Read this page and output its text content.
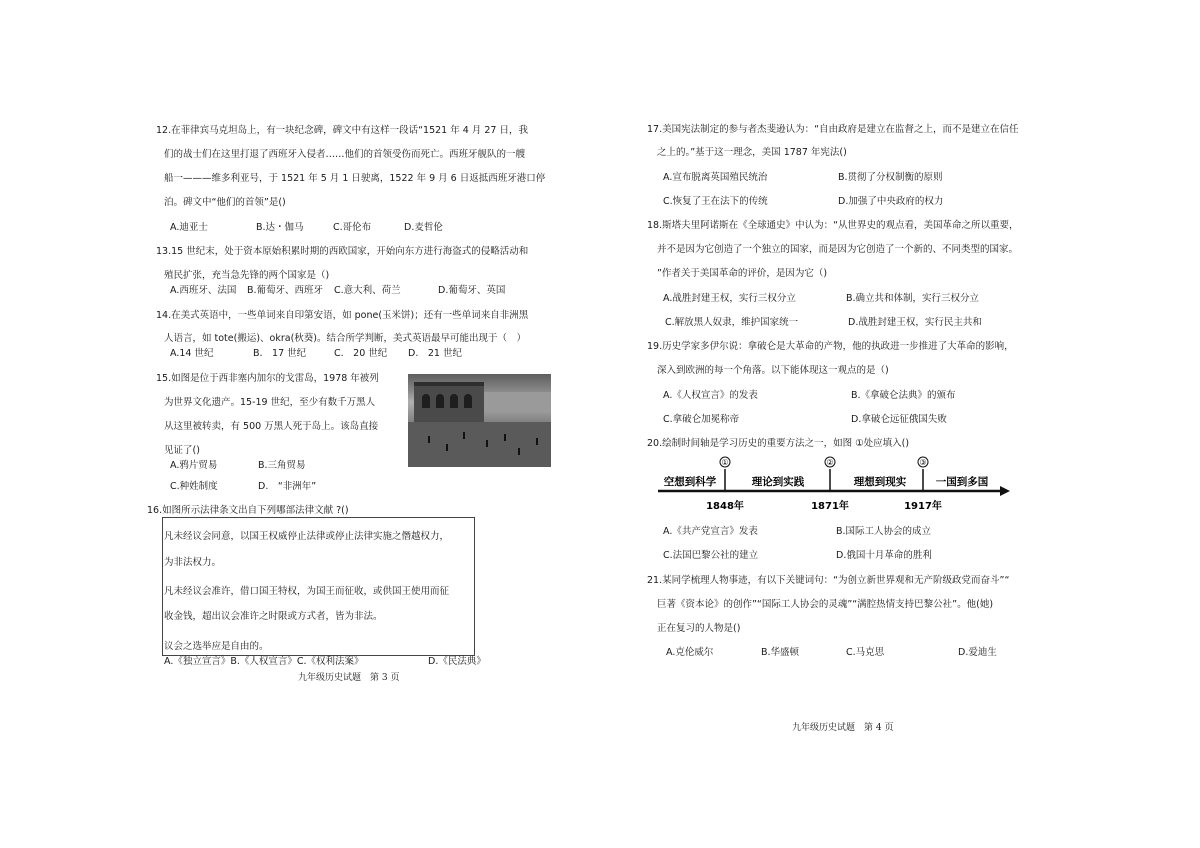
12.在菲律宾马克坦岛上，有一块纪念碑，碑文中有这样一段话“1521 年 4 月 27 日，我
们的战士们在这里打退了西班牙入侵者……他们的首领受伤而死亡。西班牙舰队的一艘
船一———维多利亚号，于 1521 年 5 月 1 日驶离，1522 年 9 月 6 日返抵西班牙港口停
泊。碑文中“他们的首领”是()
A.迪亚士	B.达・伽马	C.哥伦布	D.麦哲伦
13.15 世纪末，处于资本原始积累时期的西欧国家，开始向东方进行海盗式的侵略活动和
殖民扩张，充当急先锋的两个国家是（)
A.西班牙、法国 B.葡萄牙、西班牙 C.意大利、荷兰	D.葡萄牙、英国
14.在美式英语中，一些单词来自印第安语，如 pone(玉米饼)；还有一些单词来自非洲黑
人语言，如 tote(搬运)、okra(秋葵)。结合所学判断，美式英语最早可能出现于（　）
A.14 世纪	B.　17 世纪	C.　20 世纪 D.　21 世纪
15.如图是位于西非塞内加尔的戈雷岛，1978 年被列
为世界文化遗产。15-19 世纪，至少有数千万黑人
从这里被转卖，有 500 万黑人死于岛上。该岛直接
见证了()
A.鸦片贸易	B.三角贸易
C.种姓制度	D.　“非洲年”
16.如图所示法律条文出自下列哪部法律文献 ?()
凡未经议会同意，以国王权威停止法律或停止法律实施之僭越权力，
为非法权力。
凡未经议会准许，借口国王特权，为国王而征收，或供国王使用而征
收金钱，超出议会准许之时限或方式者，皆为非法。
议会之选举应是自由的。
A.《独立宣言》B.《人权宣言》C.《权利法案》	D.《民法典》
九年级历史试题　第 3 页
17.美国宪法制定的参与者杰斐逊认为：“自由政府是建立在监督之上，而不是建立在信任
之上的。”基于这一理念，美国 1787 年宪法()
A.宣布脱离英国殖民统治	B.贯彻了分权制衡的原则
C.恢复了王在法下的传统	D.加强了中央政府的权力
18.斯塔夫里阿诺斯在《全球通史》中认为：“从世界史的观点看，美国革命之所以重要，
并不是因为它创造了一个独立的国家，而是因为它创造了一个新的、不同类型的国家。
”作者关于美国革命的评价，是因为它（)
A.战胜封建王权，实行三权分立	B.确立共和体制，实行三权分立
C.解放黑人奴隶，维护国家统一	D.战胜封建王权，实行民主共和
19.历史学家多伊尔说：拿破仑是大革命的产物，他的执政进一步推进了大革命的影响，
深入到欧洲的每一个角落。以下能体现这一观点的是（)
A.《人权宣言》的发表	B.《拿破仑法典》的颁布
C.拿破仑加冕称帝	D.拿破仑远征俄国失败
20.绘制时间轴是学习历史的重要方法之一，如图 ①处应填入()
①	②	③
空想到科学	理论到实践	理想到现实	一国到多国
1848年	1871年	1917年
A.《共产党宣言》发表	B.国际工人协会的成立
C.法国巴黎公社的建立	D.俄国十月革命的胜利
21.某同学梳理人物事迹，有以下关键词句：“为创立新世界观和无产阶级政党而奋斗”“
巨著《资本论》的创作”“国际工人协会的灵魂”“满腔热情支持巴黎公社”。他(她)
正在复习的人物是()
A.克伦威尔	B.华盛顿	C.马克思	D.爱迪生
九年级历史试题　第 4 页
